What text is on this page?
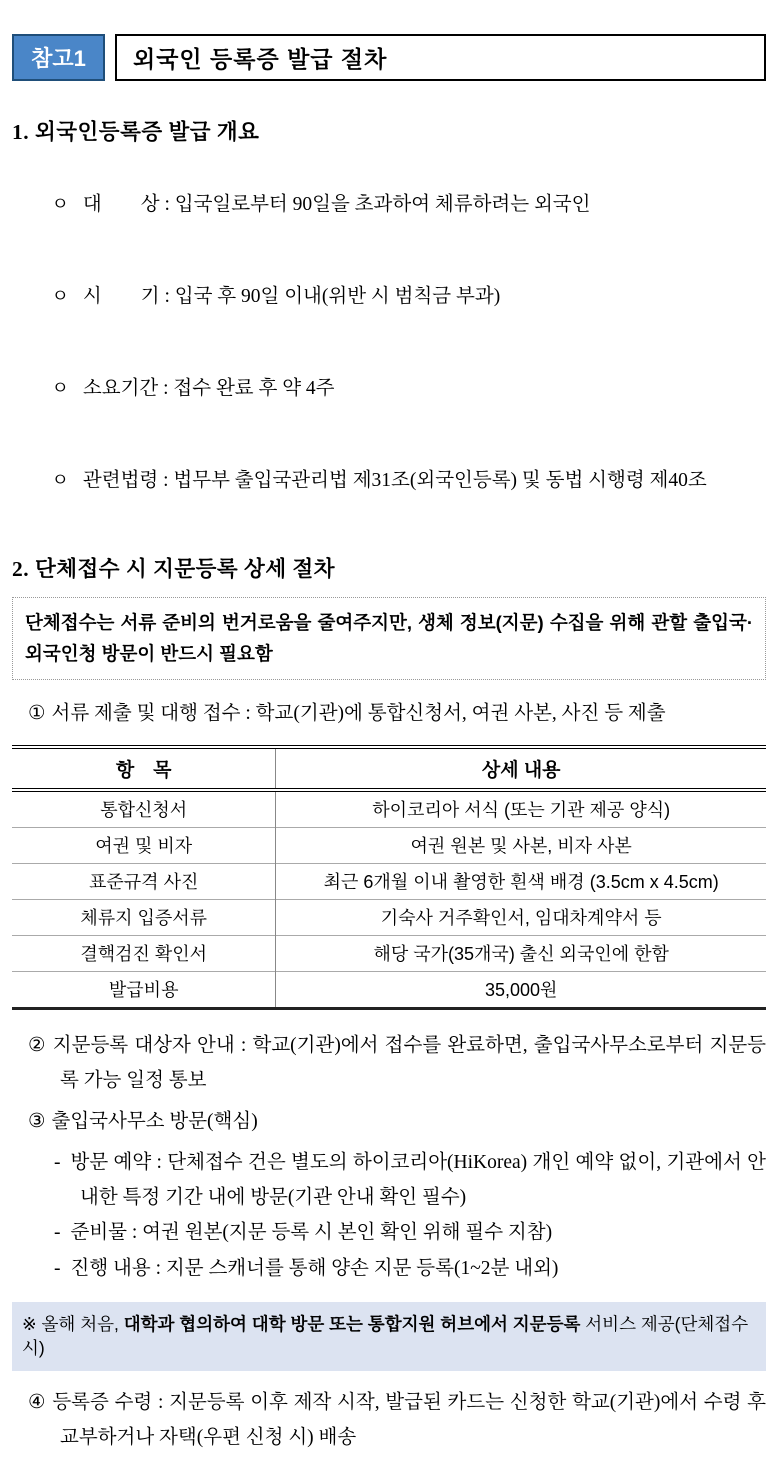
참고1 외국인 등록증 발급 절차
1. 외국인등록증 발급 개요

ㅇ 대　　상 : 입국일로부터 90일을 초과하여 체류하려는 외국인

ㅇ 시　　기 : 입국 후 90일 이내(위반 시 범칙금 부과)

ㅇ 소요기간 : 접수 완료 후 약 4주

ㅇ 관련법령 : 법무부 출입국관리법 제31조(외국인등록) 및 동법 시행령 제40조

2. 단체접수 시 지문등록 상세 절차
단체접수는 서류 준비의 번거로움을 줄여주지만, 생체 정보(지문) 수집을 위해 관할 출입국·외국인청 방문이 반드시 필요함
① 서류 제출 및 대행 접수 : 학교(기관)에 통합신청서, 여권 사본, 사진 등 제출
항　목	상세 내용
통합신청서	하이코리아 서식 (또는 기관 제공 양식)
여권 및 비자	여권 원본 및 사본, 비자 사본
표준규격 사진	최근 6개월 이내 촬영한 흰색 배경 (3.5cm x 4.5cm)
체류지 입증서류	기숙사 거주확인서, 임대차계약서 등
결핵검진 확인서	해당 국가(35개국) 출신 외국인에 한함
발급비용	35,000원
② 지문등록 대상자 안내 : 학교(기관)에서 접수를 완료하면, 출입국사무소로부터 지문등록 가능 일정 통보
③ 출입국사무소 방문(핵심)
- 방문 예약 : 단체접수 건은 별도의 하이코리아(HiKorea) 개인 예약 없이, 기관에서 안내한 특정 기간 내에 방문(기관 안내 확인 필수)
- 준비물 : 여권 원본(지문 등록 시 본인 확인 위해 필수 지참)
- 진행 내용 : 지문 스캐너를 통해 양손 지문 등록(1~2분 내외)
※ 올해 처음, 대학과 협의하여 대학 방문 또는 통합지원 허브에서 지문등록 서비스 제공(단체접수 시)
④ 등록증 수령 : 지문등록 이후 제작 시작, 발급된 카드는 신청한 학교(기관)에서 수령 후 교부하거나 자택(우편 신청 시) 배송
